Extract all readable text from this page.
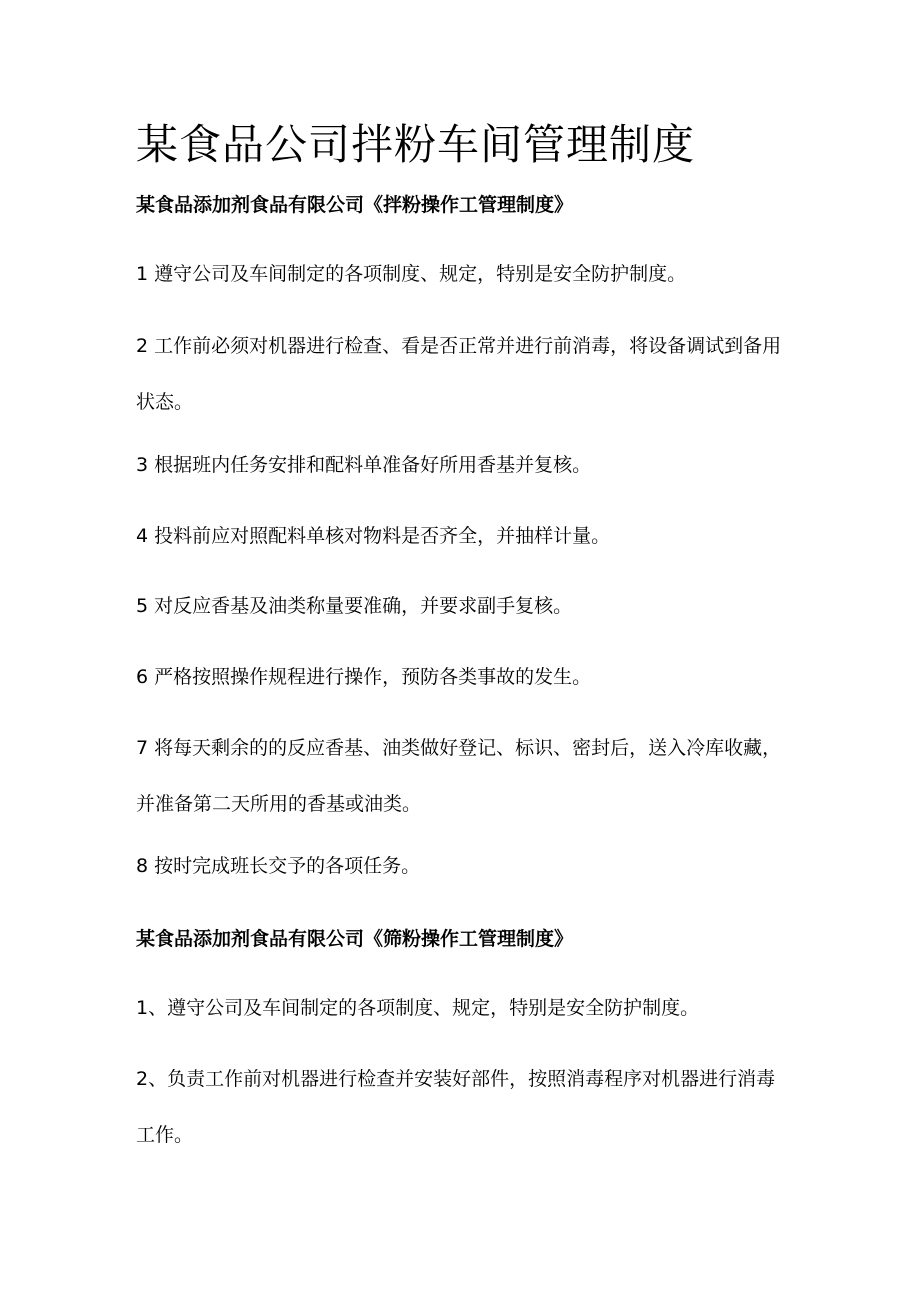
某食品公司拌粉车间管理制度
某食品添加剂食品有限公司《拌粉操作工管理制度》

1 遵守公司及车间制定的各项制度、规定，特别是安全防护制度。

2 工作前必须对机器进行检查、看是否正常并进行前消毒，将设备调试到备用状态。

3 根据班内任务安排和配料单准备好所用香基并复核。

4 投料前应对照配料单核对物料是否齐全，并抽样计量。

5 对反应香基及油类称量要准确，并要求副手复核。

6 严格按照操作规程进行操作，预防各类事故的发生。

7 将每天剩余的的反应香基、油类做好登记、标识、密封后，送入冷库收藏，并准备第二天所用的香基或油类。

8 按时完成班长交予的各项任务。

某食品添加剂食品有限公司《筛粉操作工管理制度》

1、遵守公司及车间制定的各项制度、规定，特别是安全防护制度。

2、负责工作前对机器进行检查并安装好部件，按照消毒程序对机器进行消毒工作。
